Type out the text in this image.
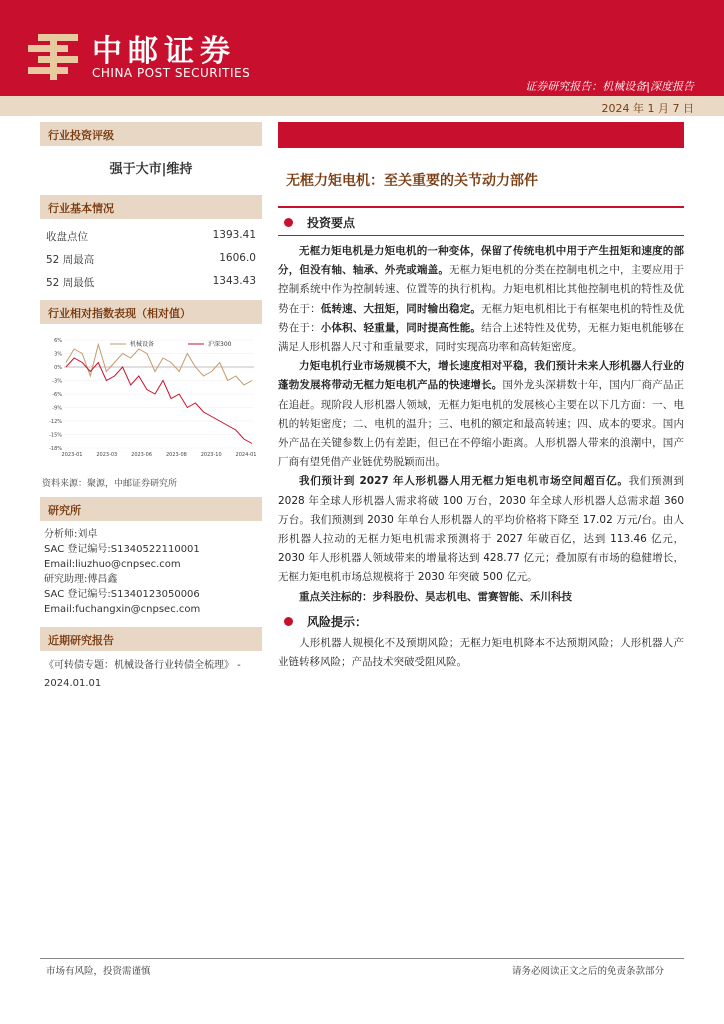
中邮证券
CHINA POST SECURITIES
证券研究报告：机械设备|深度报告
2024 年 1 月 7 日
行业投资评级
强于大市|维持
行业基本情况
收盘点位	1393.41
52 周最高	1606.0
52 周最低	1343.43
行业相对指数表现（相对值）
6%
3%
0%
-3%
-6%
-9%
-12%
-15%
-18%
2023-01	2023-03	2023-06	2023-08	2023-10	2024-01
机械设备	沪深300
资料来源：聚源，中邮证券研究所
研究所
分析师:刘卓
SAC 登记编号:S1340522110001
Email:liuzhuo@cnpsec.com
研究助理:傅昌鑫
SAC 登记编号:S1340123050006
Email:fuchangxin@cnpsec.com
近期研究报告
《可转债专题：机械设备行业转债全梳理》 - 2024.01.01
无框力矩电机：至关重要的关节动力部件
投资要点

无框力矩电机是力矩电机的一种变体，保留了传统电机中用于产生扭矩和速度的部分，但没有轴、轴承、外壳或端盖。无框力矩电机的分类在控制电机之中，主要应用于控制系统中作为控制转速、位置等的执行机构。力矩电机相比其他控制电机的特性及优势在于：低转速、大扭矩，同时输出稳定。无框力矩电机相比于有框架电机的特性及优势在于：小体积、轻重量，同时提高性能。结合上述特性及优势，无框力矩电机能够在满足人形机器人尺寸和重量要求，同时实现高功率和高转矩密度。

力矩电机行业市场规模不大，增长速度相对平稳，我们预计未来人形机器人行业的蓬勃发展将带动无框力矩电机产品的快速增长。国外龙头深耕数十年，国内厂商产品正在追赶。现阶段人形机器人领域，无框力矩电机的发展核心主要在以下几方面：一、电机的转矩密度；二、电机的温升；三、电机的额定和最高转速；四、成本的要求。国内外产品在关键参数上仍有差距，但已在不停缩小距离。人形机器人带来的浪潮中，国产厂商有望凭借产业链优势脱颖而出。

我们预计到 2027 年人形机器人用无框力矩电机市场空间超百亿。我们预测到 2028 年全球人形机器人需求将破 100 万台，2030 年全球人形机器人总需求超 360 万台。我们预测到 2030 年单台人形机器人的平均价格将下降至 17.02 万元/台。由人形机器人拉动的无框力矩电机需求预测将于 2027 年破百亿，达到 113.46 亿元，2030 年人形机器人领域带来的增量将达到 428.77 亿元；叠加原有市场的稳健增长，无框力矩电机市场总规模将于 2030 年突破 500 亿元。

重点关注标的：步科股份、昊志机电、雷赛智能、禾川科技

风险提示：

人形机器人规模化不及预期风险；无框力矩电机降本不达预期风险；人形机器人产业链转移风险；产品技术突破受阻风险。

市场有风险，投资需谨慎	请务必阅读正文之后的免责条款部分
